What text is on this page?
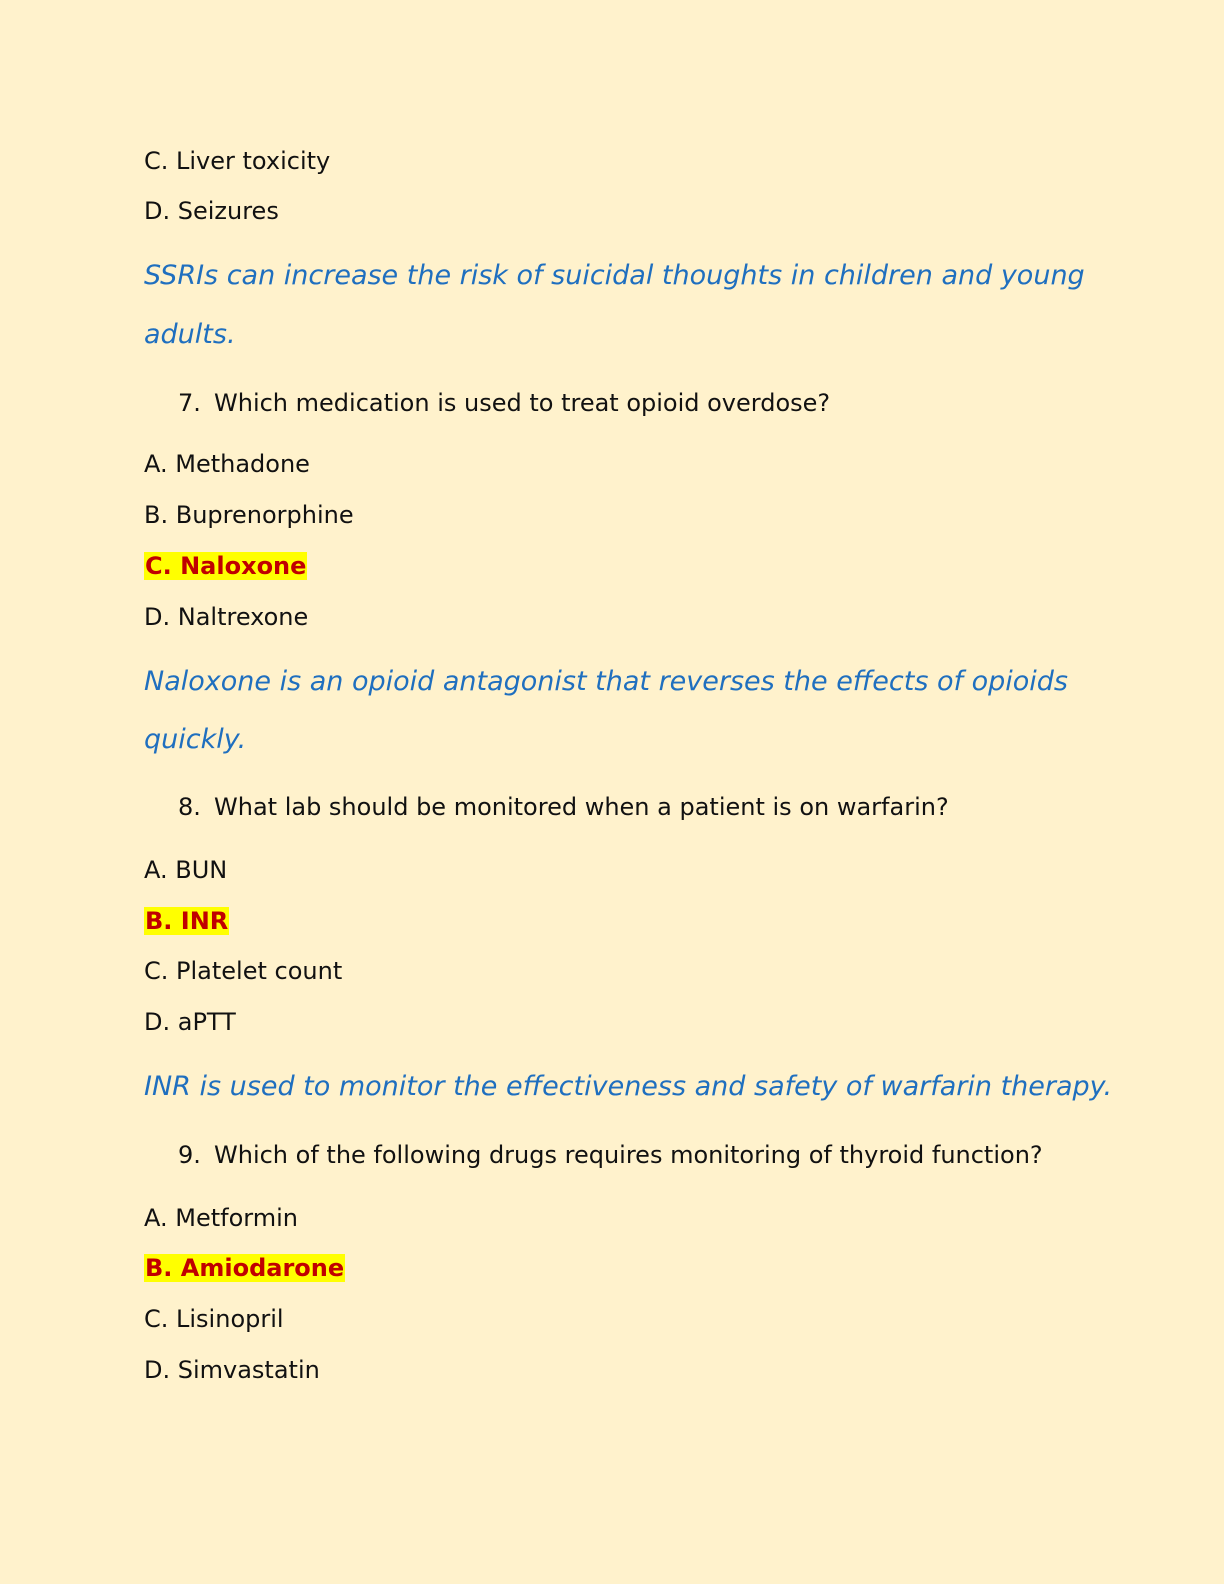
C. Liver toxicity
D. Seizures
SSRIs can increase the risk of suicidal thoughts in children and young
adults.
7. Which medication is used to treat opioid overdose?
A. Methadone
B. Buprenorphine
C. Naloxone
D. Naltrexone
Naloxone is an opioid antagonist that reverses the effects of opioids
quickly.
8. What lab should be monitored when a patient is on warfarin?
A. BUN
B. INR
C. Platelet count
D. aPTT
INR is used to monitor the effectiveness and safety of warfarin therapy.
9. Which of the following drugs requires monitoring of thyroid function?
A. Metformin
B. Amiodarone
C. Lisinopril
D. Simvastatin
